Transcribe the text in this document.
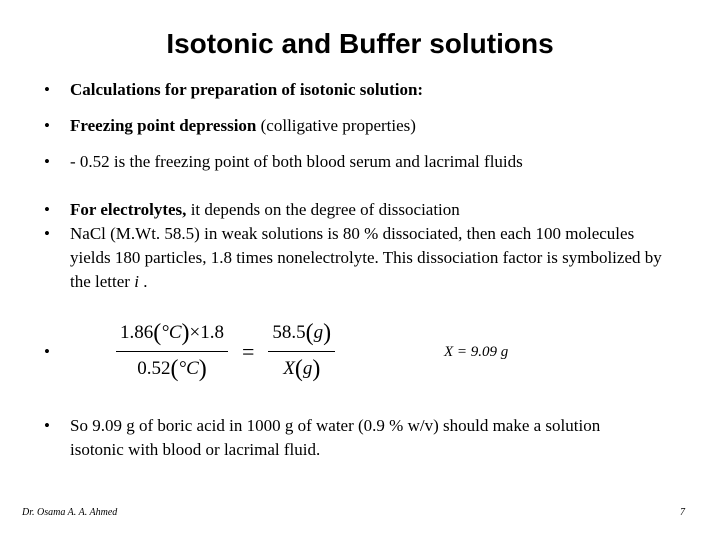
Isotonic and Buffer solutions
• Calculations for preparation of isotonic solution:
• Freezing point depression (colligative properties)
• - 0.52 is the freezing point of both blood serum and lacrimal fluids
• For electrolytes, it depends on the degree of dissociation
• NaCl (M.Wt. 58.5) in weak solutions is 80 % dissociated, then each 100 molecules yields 180 particles, 1.8 times nonelectrolyte. This dissociation factor is symbolized by the letter i .
•	$\frac{1.86(^\circ C)\times 1.8}{0.52(^\circ C)} = \frac{58.5(g)}{X(g)}$	X = 9.09 g
• So 9.09 g of boric acid in 1000 g of water (0.9 % w/v) should make a solution isotonic with blood or lacrimal fluid.
Dr. Osama A. A. Ahmed	7
